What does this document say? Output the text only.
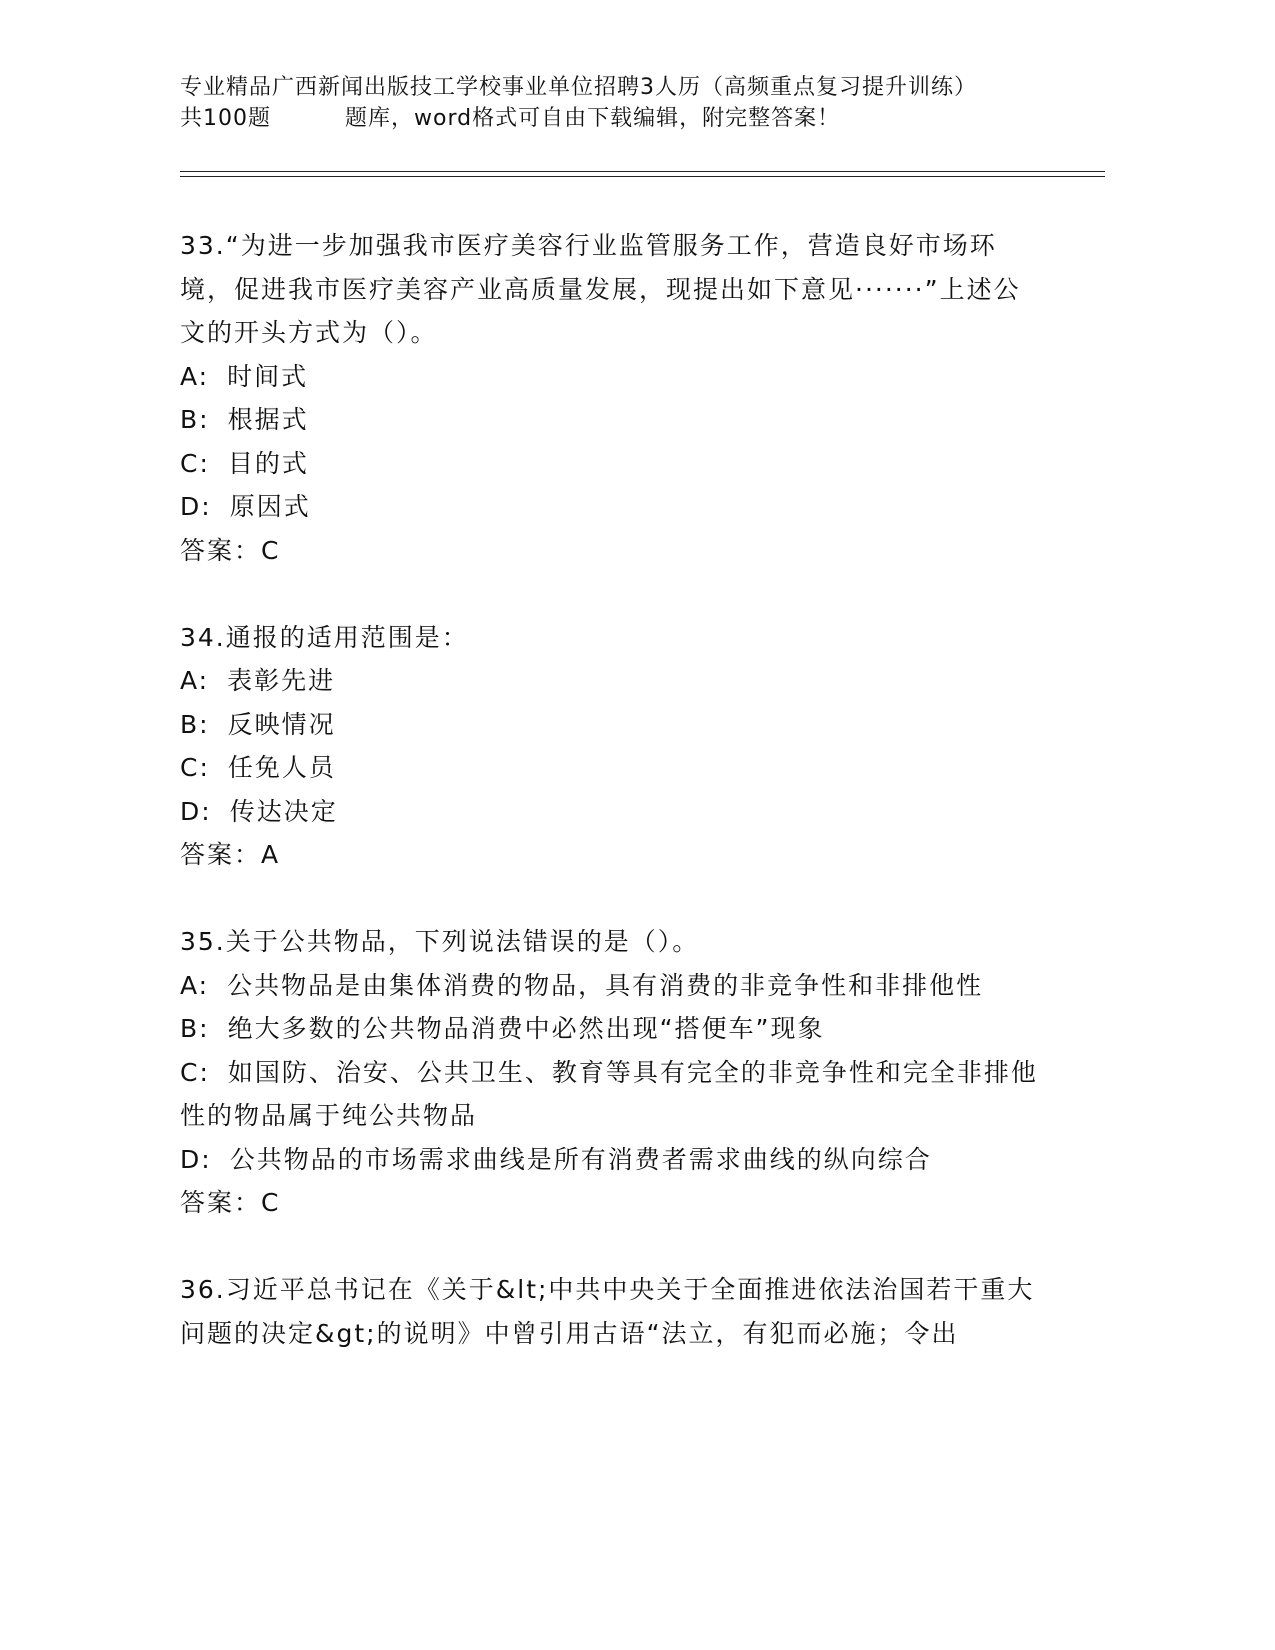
专业精品广西新闻出版技工学校事业单位招聘3人历（高频重点复习提升训练）
共100题	题库，word格式可自由下载编辑，附完整答案！
33.“为进一步加强我市医疗美容行业监管服务工作，营造良好市场环境，促进我市医疗美容产业高质量发展，现提出如下意见·······”上述公文的开头方式为（）。
A: 时间式
B: 根据式
C: 目的式
D: 原因式
答案：C
34.通报的适用范围是：
A: 表彰先进
B: 反映情况
C: 任免人员
D: 传达决定
答案：A
35.关于公共物品，下列说法错误的是（）。
A: 公共物品是由集体消费的物品，具有消费的非竞争性和非排他性
B: 绝大多数的公共物品消费中必然出现“搭便车”现象
C: 如国防、治安、公共卫生、教育等具有完全的非竞争性和完全非排他性的物品属于纯公共物品
D: 公共物品的市场需求曲线是所有消费者需求曲线的纵向综合
答案：C
36.习近平总书记在《关于&lt;中共中央关于全面推进依法治国若干重大问题的决定&gt;的说明》中曾引用古语“法立，有犯而必施；令出
